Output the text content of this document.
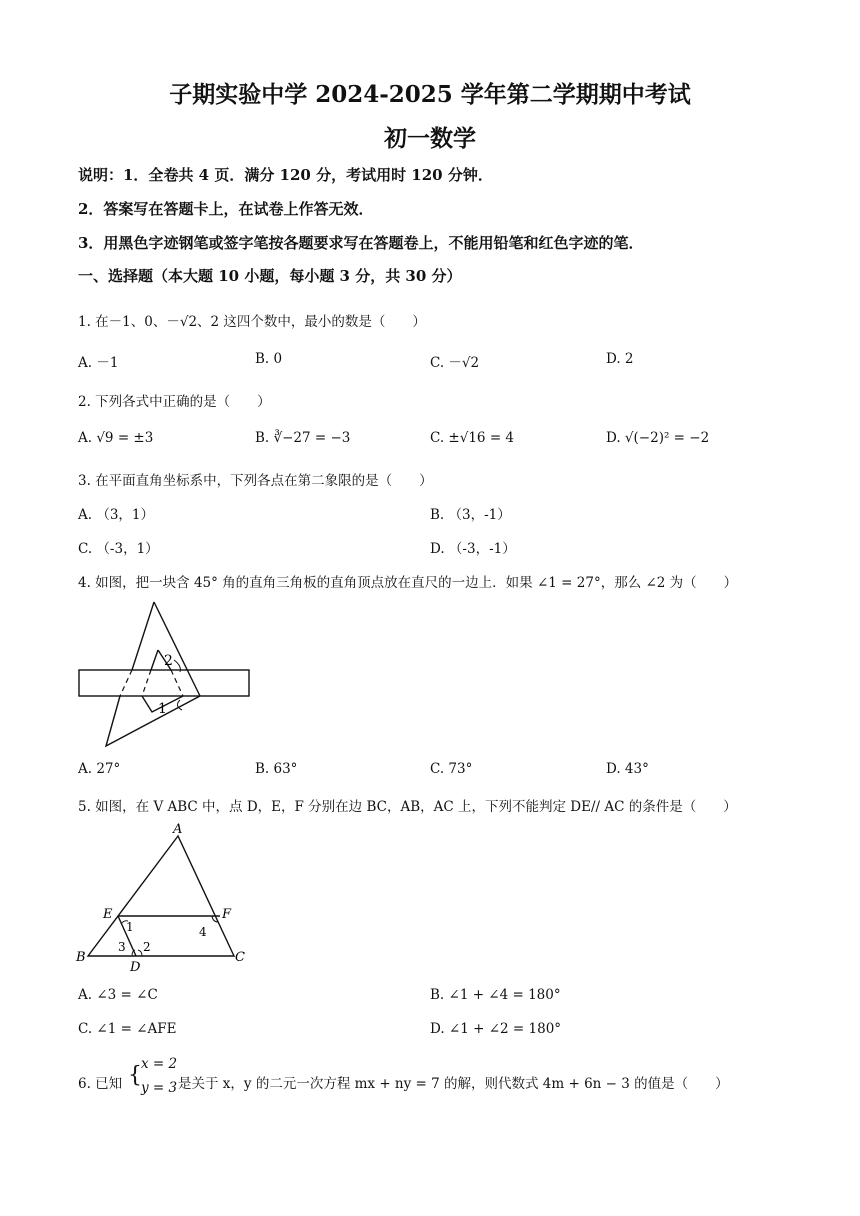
子期实验中学 2024-2025 学年第二学期期中考试
初一数学
说明：1．全卷共 4 页．满分 120 分，考试用时 120 分钟．
2．答案写在答题卡上，在试卷上作答无效．
3．用黑色字迹钢笔或签字笔按各题要求写在答题卷上，不能用铅笔和红色字迹的笔．
一、选择题（本大题 10 小题，每小题 3 分，共 30 分）
1. 在－1、0、－√2、2 这四个数中，最小的数是（　　）
A. －1	B. 0	C. －√2	D. 2
2. 下列各式中正确的是（　　）
A. √9 = ±3	B. ∛−27 = −3	C. ±√16 = 4	D. √(−2)² = −2
3. 在平面直角坐标系中，下列各点在第二象限的是（　　）
A. （3，1）	B. （3，-1）
C. （-3，1）	D. （-3，-1）
4. 如图，把一块含 45° 角的直角三角板的直角顶点放在直尺的一边上．如果 ∠1 = 27°，那么 ∠2 为（　　）
2
1
A. 27°	B. 63°	C. 73°	D. 43°
5. 如图，在 V ABC 中，点 D，E，F 分别在边 BC，AB，AC 上，下列不能判定 DE// AC 的条件是（　　）
A
B	C
D
E	F
1
2
3
4
A. ∠3 = ∠C	B. ∠1 + ∠4 = 180°
C. ∠1 = ∠AFE	D. ∠1 + ∠2 = 180°
6. 已知 { x = 2
y = 3 是关于 x，y 的二元一次方程 mx + ny = 7 的解，则代数式 4m + 6n − 3 的值是（　　）
